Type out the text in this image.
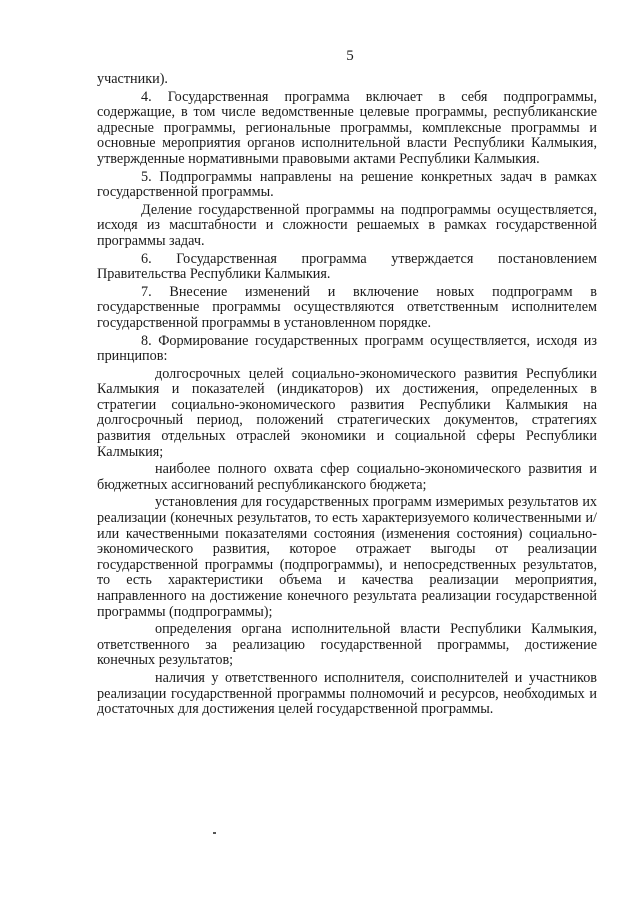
5

участники).

4. Государственная программа включает в себя подпрограммы, содержащие, в том числе ведомственные целевые программы, республиканские адресные программы, региональные программы, комплексные программы и основные мероприятия органов исполнительной власти Республики Калмыкия, утвержденные нормативными правовыми актами Республики Калмыкия.

5. Подпрограммы направлены на решение конкретных задач в рамках государственной программы.

Деление государственной программы на подпрограммы осуществляется, исходя из масштабности и сложности решаемых в рамках государственной программы задач.

6. Государственная программа утверждается постановлением Правительства Республики Калмыкия.

7. Внесение изменений и включение новых подпрограмм в государственные программы осуществляются ответственным исполнителем государственной программы в установленном порядке.

8. Формирование государственных программ осуществляется, исходя из принципов:

долгосрочных целей социально-экономического развития Республики Калмыкия и показателей (индикаторов) их достижения, определенных в стратегии социально-экономического развития Республики Калмыкия на долгосрочный период, положений стратегических документов, стратегиях развития отдельных отраслей экономики и социальной сферы Республики Калмыкия;

наиболее полного охвата сфер социально-экономического развития и бюджетных ассигнований республиканского бюджета;

установления для государственных программ измеримых результатов их реализации (конечных результатов, то есть характеризуемого количественными и/или качественными показателями состояния (изменения состояния) социально-экономического развития, которое отражает выгоды от реализации государственной программы (подпрограммы), и непосредственных результатов, то есть характеристики объема и качества реализации мероприятия, направленного на достижение конечного результата реализации государственной программы (подпрограммы);

определения органа исполнительной власти Республики Калмыкия, ответственного за реализацию государственной программы, достижение конечных результатов;

наличия у ответственного исполнителя, соисполнителей и участников реализации государственной программы полномочий и ресурсов, необходимых и достаточных для достижения целей государственной программы.
